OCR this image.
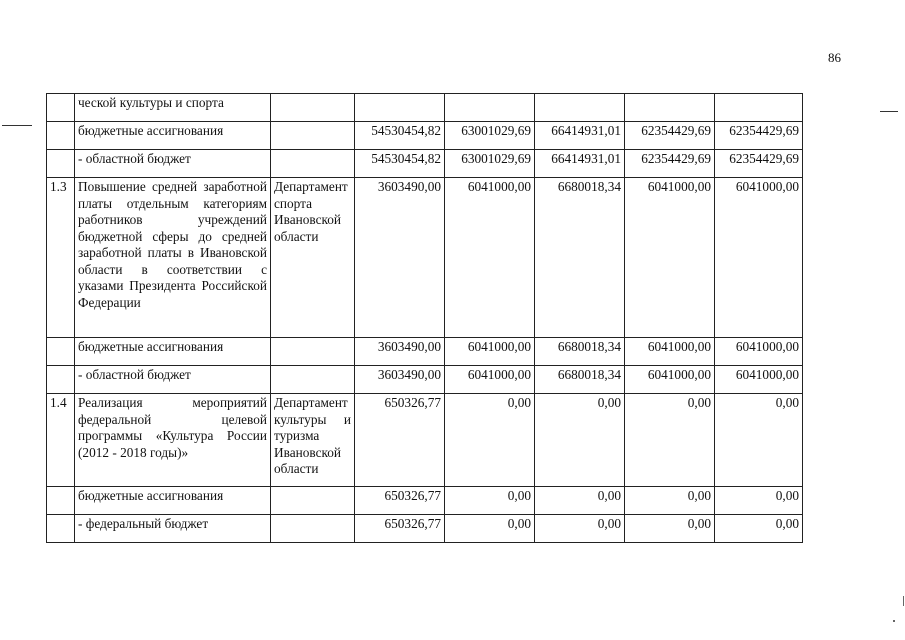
86
	ческой культуры и спорта						
	бюджетные ассигнования		54530454,82	63001029,69	66414931,01	62354429,69	62354429,69
	- областной бюджет		54530454,82	63001029,69	66414931,01	62354429,69	62354429,69
1.3	Повышение средней заработной платы отдельным категориям работников учреждений бюджетной сферы до средней заработной платы в Ивановской области в соответствии с указами Президента Российской Федерации	Департамент спорта Ивановской области	3603490,00	6041000,00	6680018,34	6041000,00	6041000,00
	бюджетные ассигнования		3603490,00	6041000,00	6680018,34	6041000,00	6041000,00
	- областной бюджет		3603490,00	6041000,00	6680018,34	6041000,00	6041000,00
1.4	Реализация мероприятий федеральной целевой программы «Культура России (2012 - 2018 годы)»	Департамент культуры и туризма Ивановской области	650326,77	0,00	0,00	0,00	0,00
	бюджетные ассигнования		650326,77	0,00	0,00	0,00	0,00
	- федеральный бюджет		650326,77	0,00	0,00	0,00	0,00
